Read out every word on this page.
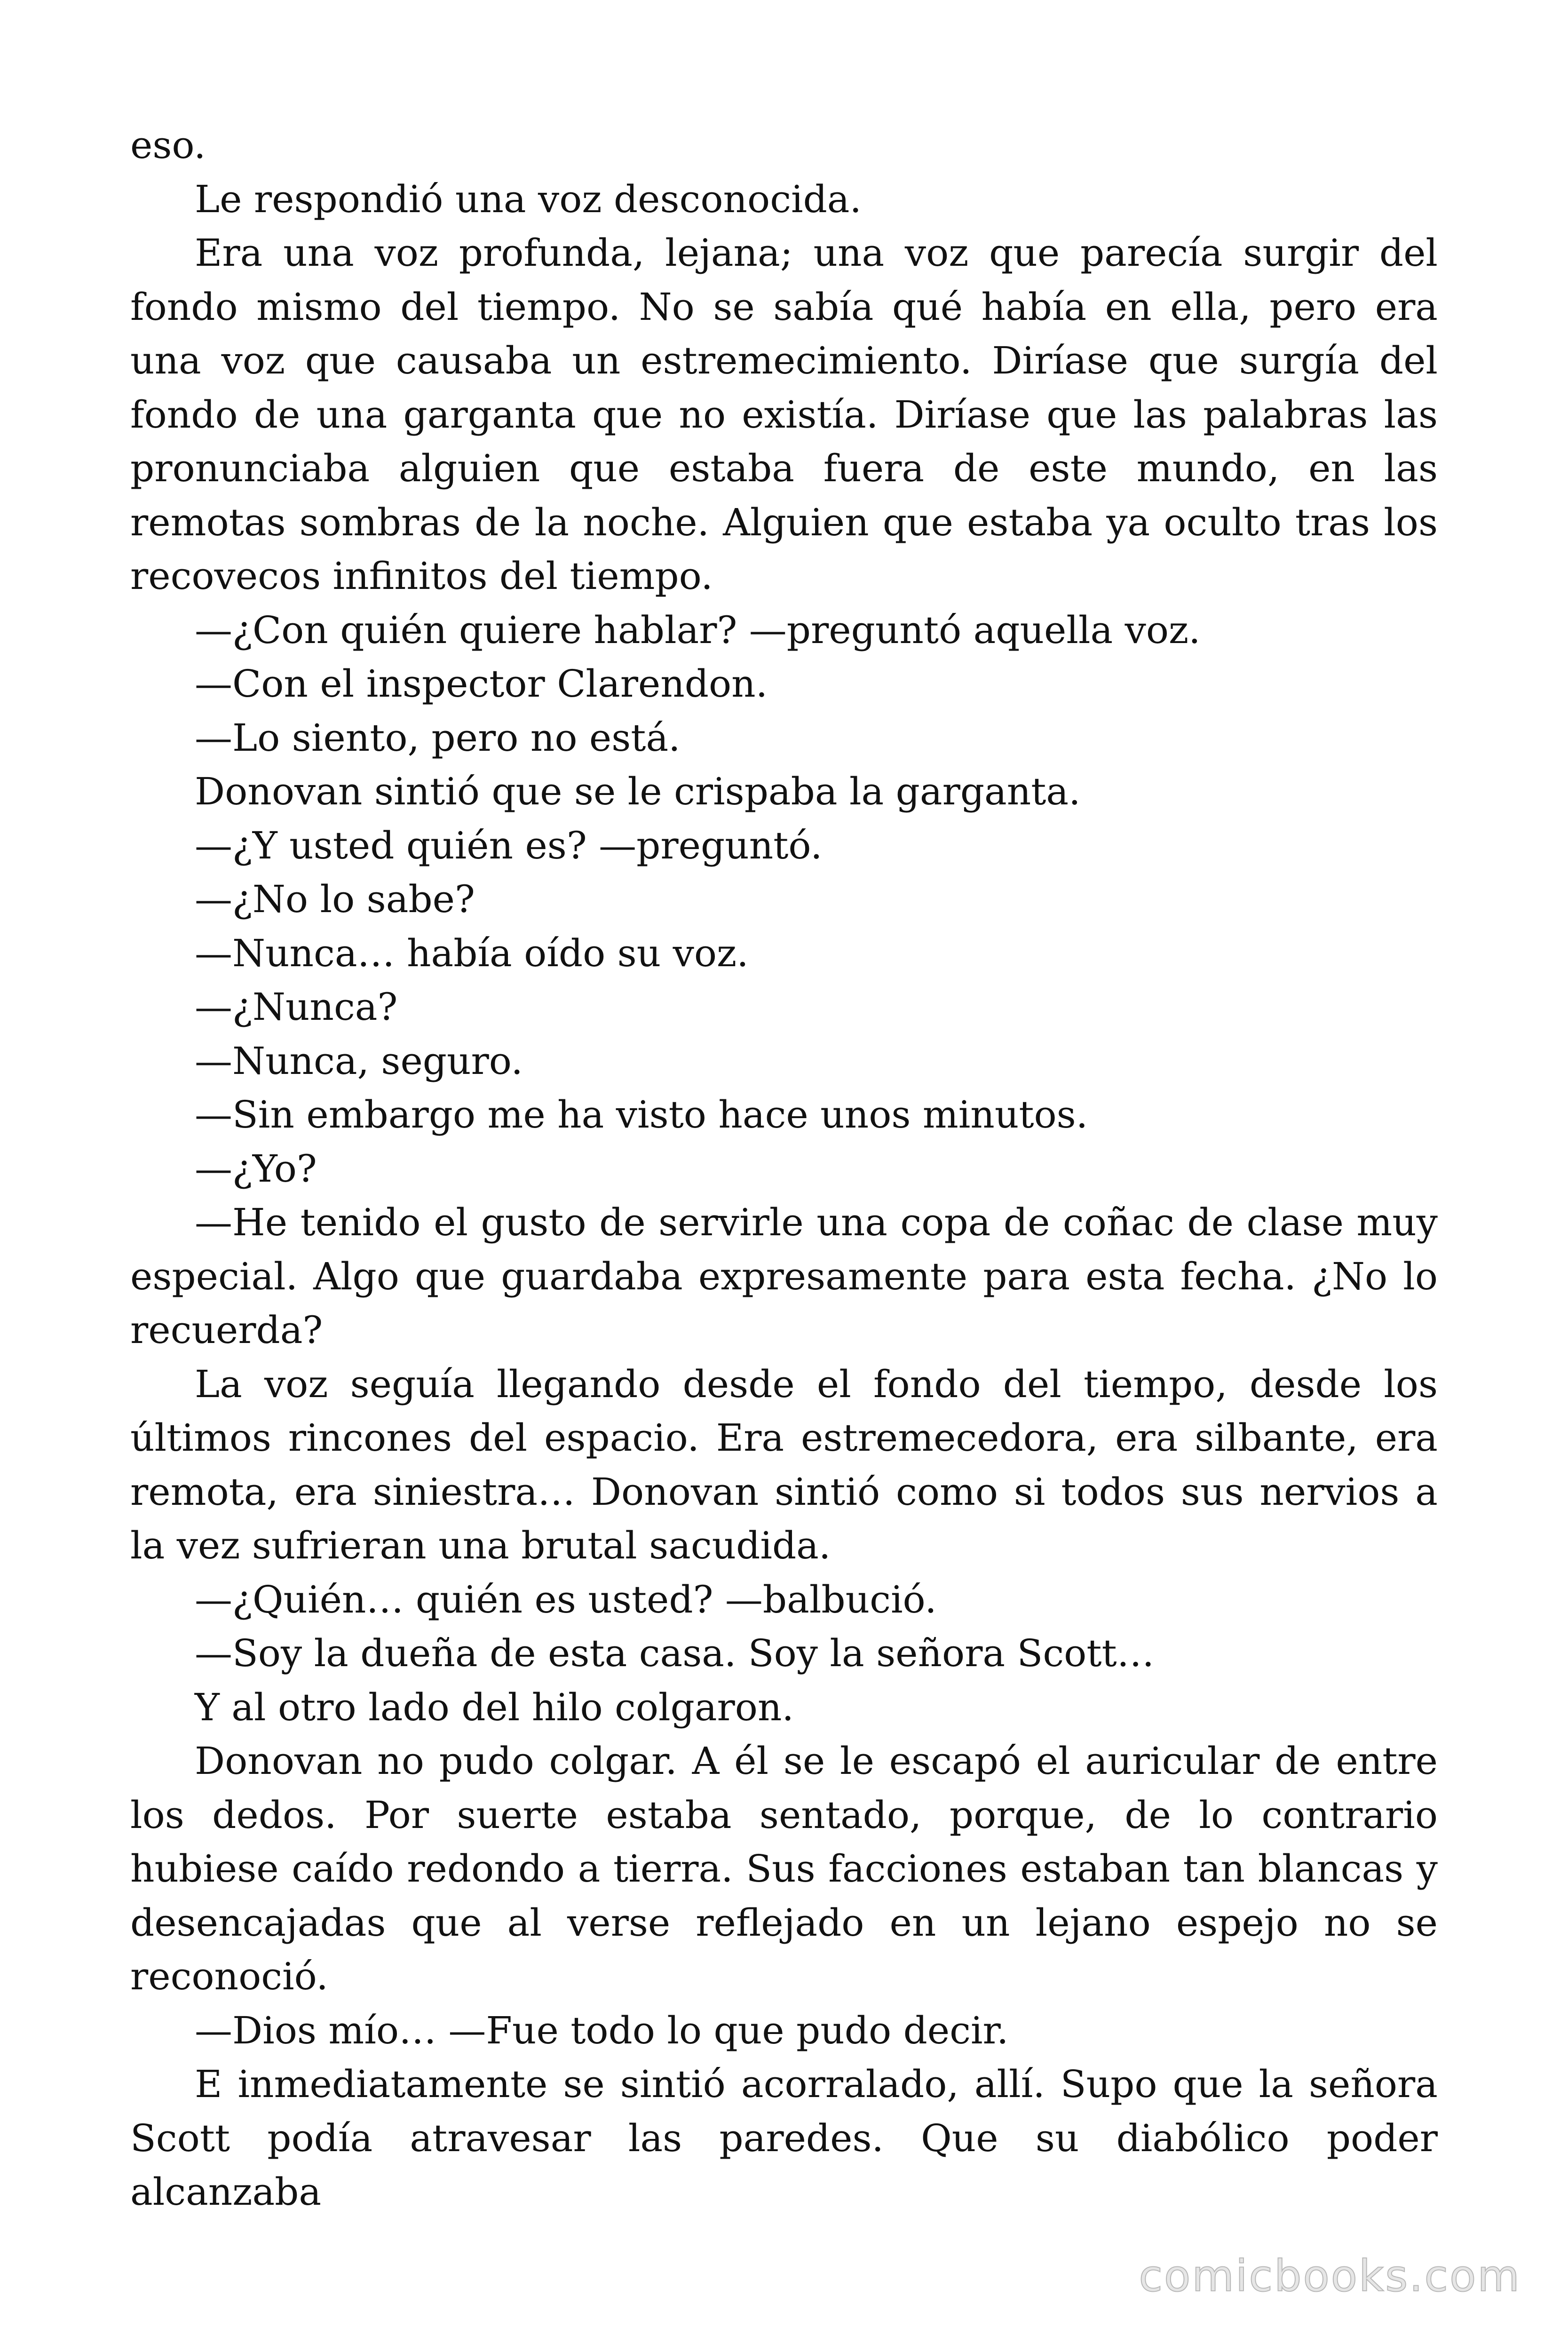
eso.

Le respondió una voz desconocida.

Era una voz profunda, lejana; una voz que parecía surgir del fondo mismo del tiempo. No se sabía qué había en ella, pero era una voz que causaba un estremecimiento. Diríase que surgía del fondo de una garganta que no existía. Diríase que las palabras las pronunciaba alguien que estaba fuera de este mundo, en las remotas sombras de la noche. Alguien que estaba ya oculto tras los recovecos infinitos del tiempo.

—¿Con quién quiere hablar? —preguntó aquella voz.

—Con el inspector Clarendon.

—Lo siento, pero no está.

Donovan sintió que se le crispaba la garganta.

—¿Y usted quién es? —preguntó.

—¿No lo sabe?

—Nunca… había oído su voz.

—¿Nunca?

—Nunca, seguro.

—Sin embargo me ha visto hace unos minutos.

—¿Yo?

—He tenido el gusto de servirle una copa de coñac de clase muy especial. Algo que guardaba expresamente para esta fecha. ¿No lo recuerda?

La voz seguía llegando desde el fondo del tiempo, desde los últimos rincones del espacio. Era estremecedora, era silbante, era remota, era siniestra… Donovan sintió como si todos sus nervios a la vez sufrieran una brutal sacudida.

—¿Quién… quién es usted? —balbució.

—Soy la dueña de esta casa. Soy la señora Scott…

Y al otro lado del hilo colgaron.

Donovan no pudo colgar. A él se le escapó el auricular de entre los dedos. Por suerte estaba sentado, porque, de lo contrario hubiese caído redondo a tierra. Sus facciones estaban tan blancas y desencajadas que al verse reflejado en un lejano espejo no se reconoció.

—Dios mío… —Fue todo lo que pudo decir.

E inmediatamente se sintió acorralado, allí. Supo que la señora Scott podía atravesar las paredes. Que su diabólico poder alcanzaba

comicbooks.com
